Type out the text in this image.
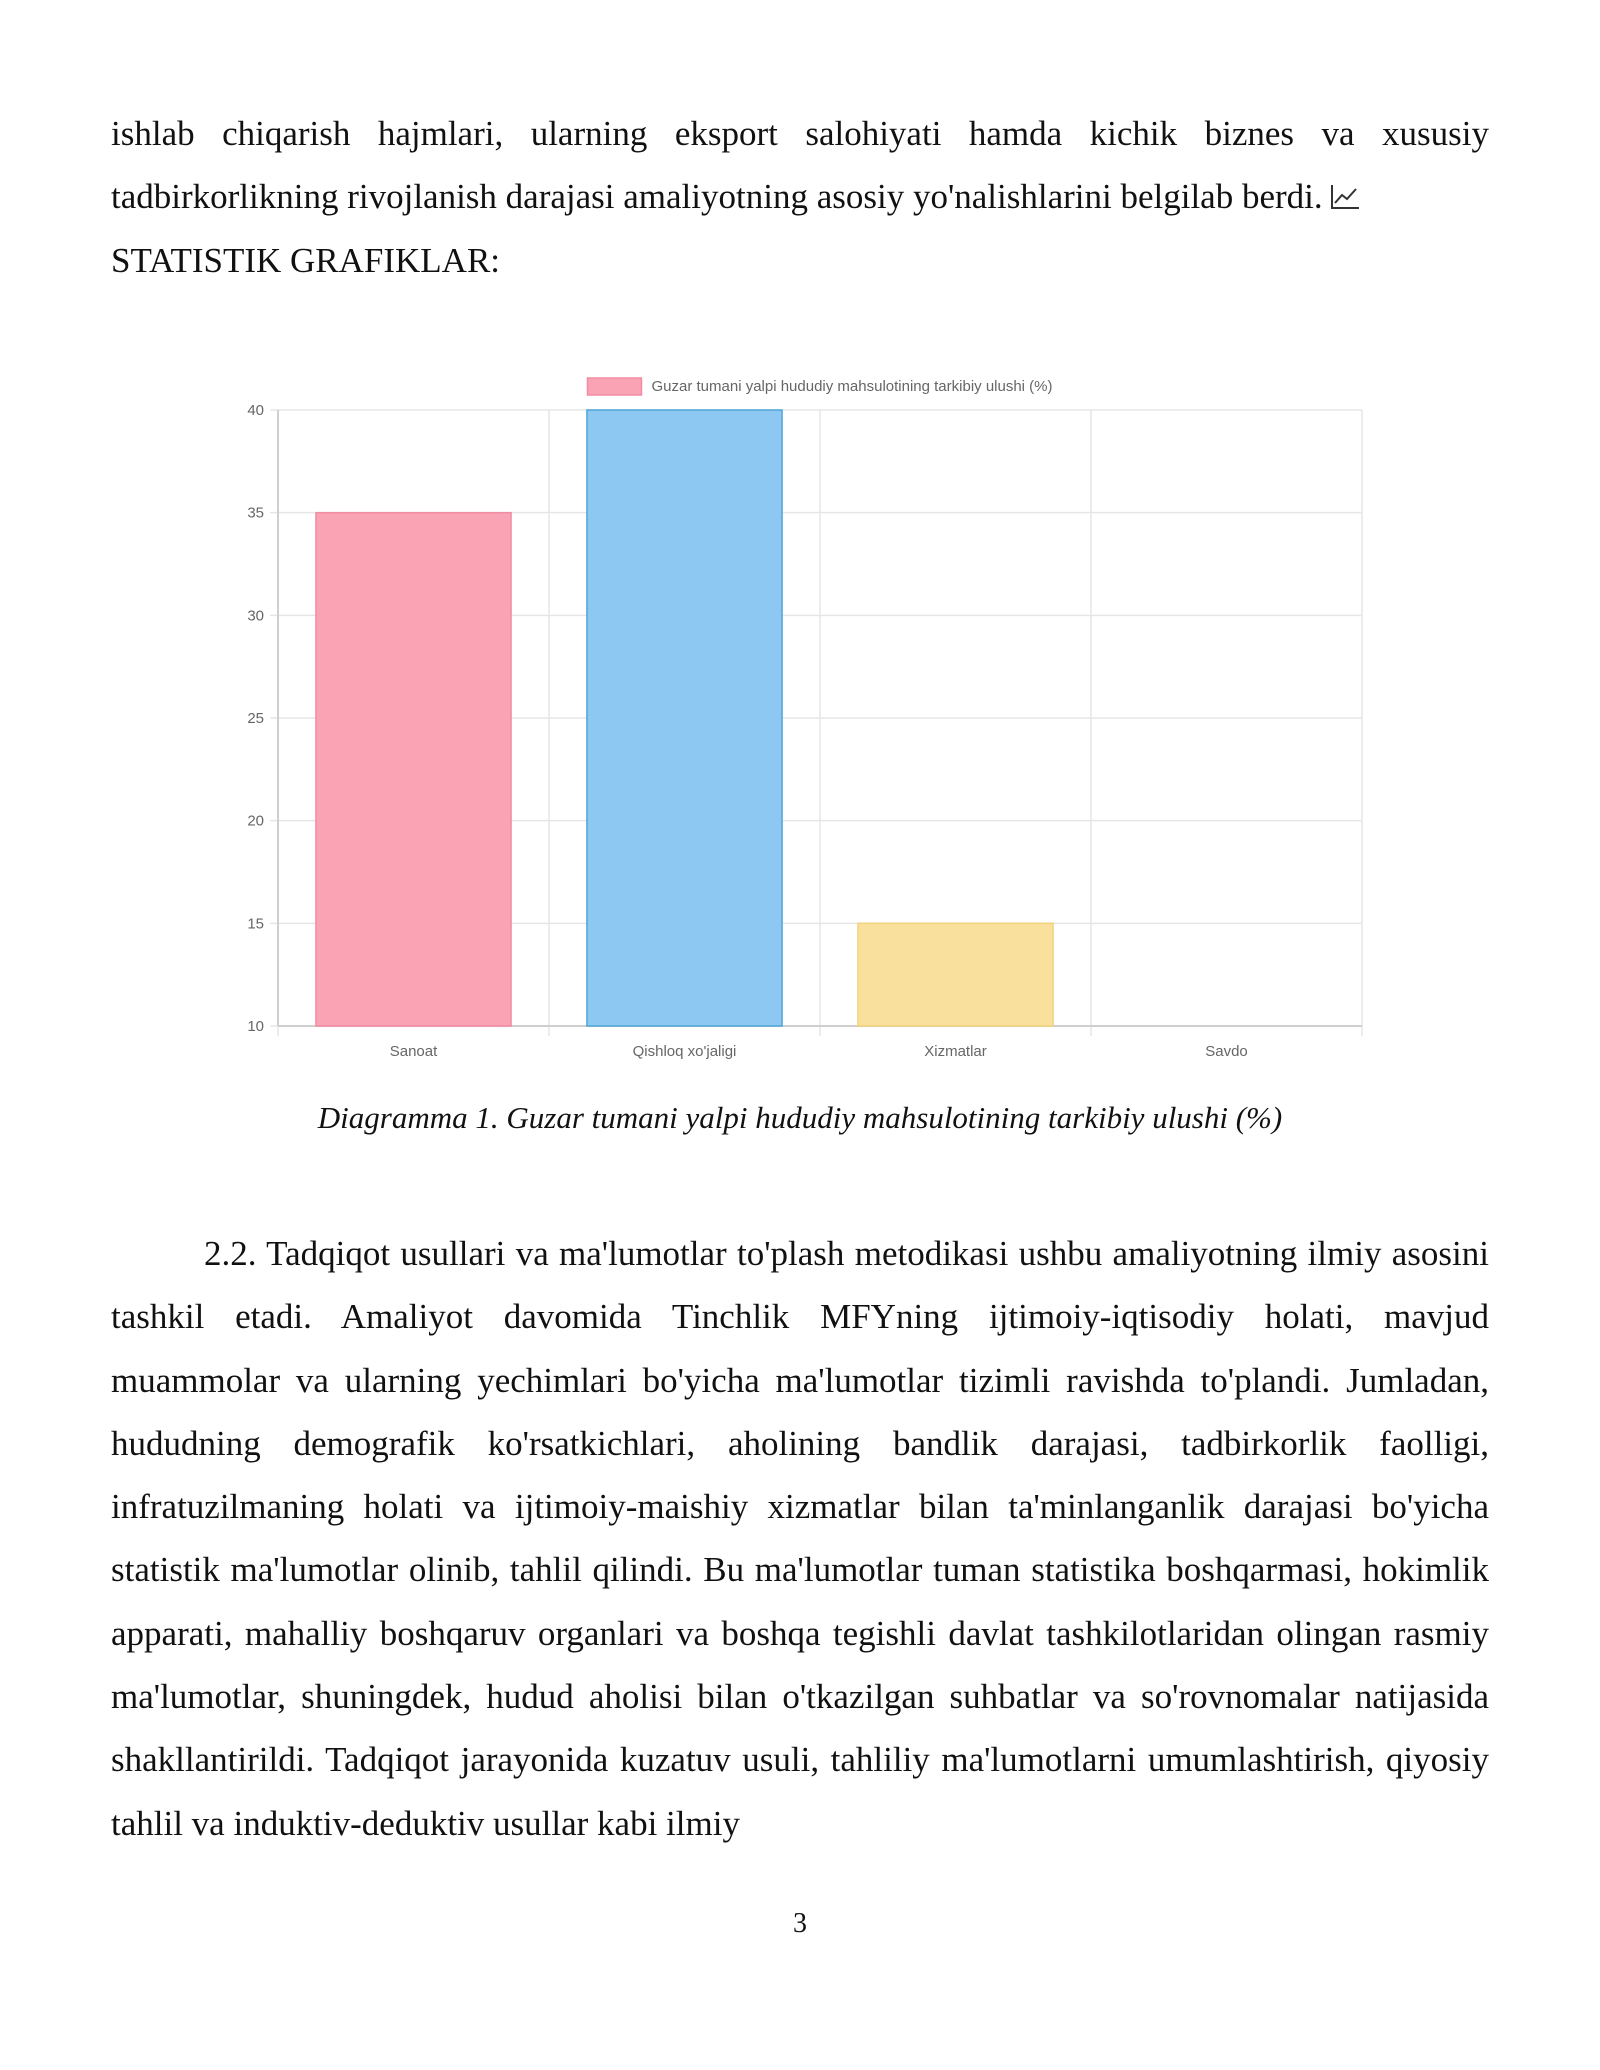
ishlab chiqarish hajmlari, ularning eksport salohiyati hamda kichik biznes va xususiy tadbirkorlikning rivojlanish darajasi amaliyotning asosiy yo'nalishlarini belgilab berdi.
STATISTIK GRAFIKLAR:

10
15
20
25
30
35
40
Sanoat	Qishloq xo'jaligi	Xizmatlar	Savdo
Guzar tumani yalpi hududiy mahsulotining tarkibiy ulushi (%)

Diagramma 1. Guzar tumani yalpi hududiy mahsulotining tarkibiy ulushi (%)

2.2. Tadqiqot usullari va ma'lumotlar to'plash metodikasi ushbu amaliyotning ilmiy asosini tashkil etadi. Amaliyot davomida Tinchlik MFYning ijtimoiy-iqtisodiy holati, mavjud muammolar va ularning yechimlari bo'yicha ma'lumotlar tizimli ravishda to'plandi. Jumladan, hududning demografik ko'rsatkichlari, aholining bandlik darajasi, tadbirkorlik faolligi, infratuzilmaning holati va ijtimoiy-maishiy xizmatlar bilan ta'minlanganlik darajasi bo'yicha statistik ma'lumotlar olinib, tahlil qilindi. Bu ma'lumotlar tuman statistika boshqarmasi, hokimlik apparati, mahalliy boshqaruv organlari va boshqa tegishli davlat tashkilotlaridan olingan rasmiy ma'lumotlar, shuningdek, hudud aholisi bilan o'tkazilgan suhbatlar va so'rovnomalar natijasida shakllantirildi. Tadqiqot jarayonida kuzatuv usuli, tahliliy ma'lumotlarni umumlashtirish, qiyosiy tahlil va induktiv-deduktiv usullar kabi ilmiy

3
